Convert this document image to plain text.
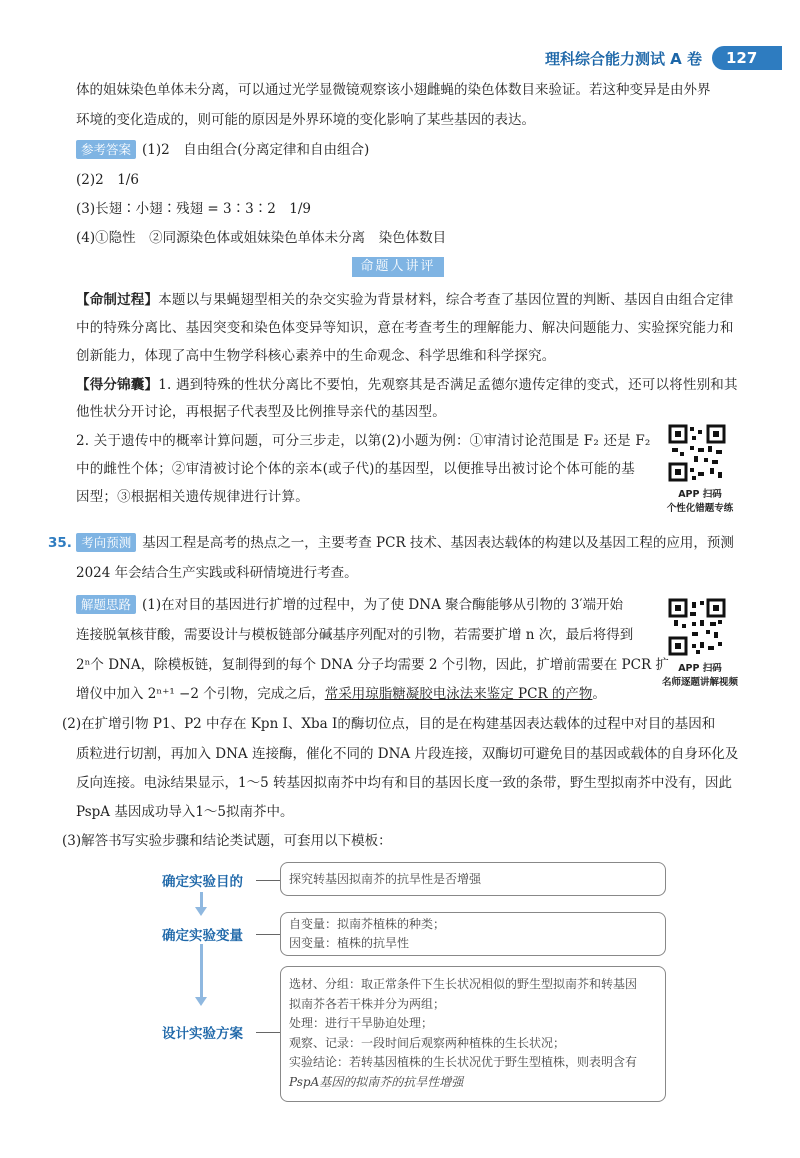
理科综合能力测试 A 卷	127
体的姐妹染色单体未分离，可以通过光学显微镜观察该小翅雌蝇的染色体数目来验证。若这种变异是由外界
环境的变化造成的，则可能的原因是外界环境的变化影响了某些基因的表达。
参考答案 (1)2　自由组合(分离定律和自由组合)
(2)2　1/6
(3)长翅∶小翅∶残翅 = 3∶3∶2　1/9
(4)①隐性　②同源染色体或姐妹染色单体未分离　染色体数目
命题人讲评
【命制过程】本题以与果蝇翅型相关的杂交实验为背景材料，综合考查了基因位置的判断、基因自由组合定律
中的特殊分离比、基因突变和染色体变异等知识，意在考查考生的理解能力、解决问题能力、实验探究能力和
创新能力，体现了高中生物学科核心素养中的生命观念、科学思维和科学探究。
【得分锦囊】1. 遇到特殊的性状分离比不要怕，先观察其是否满足孟德尔遗传定律的变式，还可以将性别和其
他性状分开讨论，再根据子代表型及比例推导亲代的基因型。
2. 关于遗传中的概率计算问题，可分三步走，以第(2)小题为例：①审清讨论范围是 F₂ 还是 F₂
中的雌性个体；②审清被讨论个体的亲本(或子代)的基因型，以便推导出被讨论个体可能的基
因型；③根据相关遗传规律进行计算。	APP 扫码
个性化错题专练
35. 考向预测 基因工程是高考的热点之一，主要考查 PCR 技术、基因表达载体的构建以及基因工程的应用，预测
2024 年会结合生产实践或科研情境进行考查。
解题思路 (1)在对目的基因进行扩增的过程中，为了使 DNA 聚合酶能够从引物的 3′端开始
连接脱氧核苷酸，需要设计与模板链部分碱基序列配对的引物，若需要扩增 n 次，最后将得到
2ⁿ个 DNA，除模板链，复制得到的每个 DNA 分子均需要 2 个引物，因此，扩增前需要在 PCR 扩
增仪中加入 2ⁿ⁺¹ −2 个引物，完成之后，常采用琼脂糖凝胶电泳法来鉴定 PCR 的产物。
(2)在扩增引物 P1、P2 中存在 Kpn Ⅰ、Xba Ⅰ的酶切位点，目的是在构建基因表达载体的过程中对目的基因和
质粒进行切割，再加入 DNA 连接酶，催化不同的 DNA 片段连接，双酶切可避免目的基因或载体的自身环化及
反向连接。电泳结果显示，1～5 转基因拟南芥中均有和目的基因长度一致的条带，野生型拟南芥中没有，因此
PspA 基因成功导入1～5拟南芥中。
(3)解答书写实验步骤和结论类试题，可套用以下模板：
APP 扫码
名师逐题讲解视频
确定实验目的	探究转基因拟南芥的抗旱性是否增强
确定实验变量
自变量：拟南芥植株的种类；
因变量：植株的抗旱性
设计实验方案
选材、分组：取正常条件下生长状况相似的野生型拟南芥和转基因
拟南芥各若干株并分为两组；
处理：进行干旱胁迫处理；
观察、记录：一段时间后观察两种植株的生长状况；
实验结论：若转基因植株的生长状况优于野生型植株，则表明含有
PspA基因的拟南芥的抗旱性增强
